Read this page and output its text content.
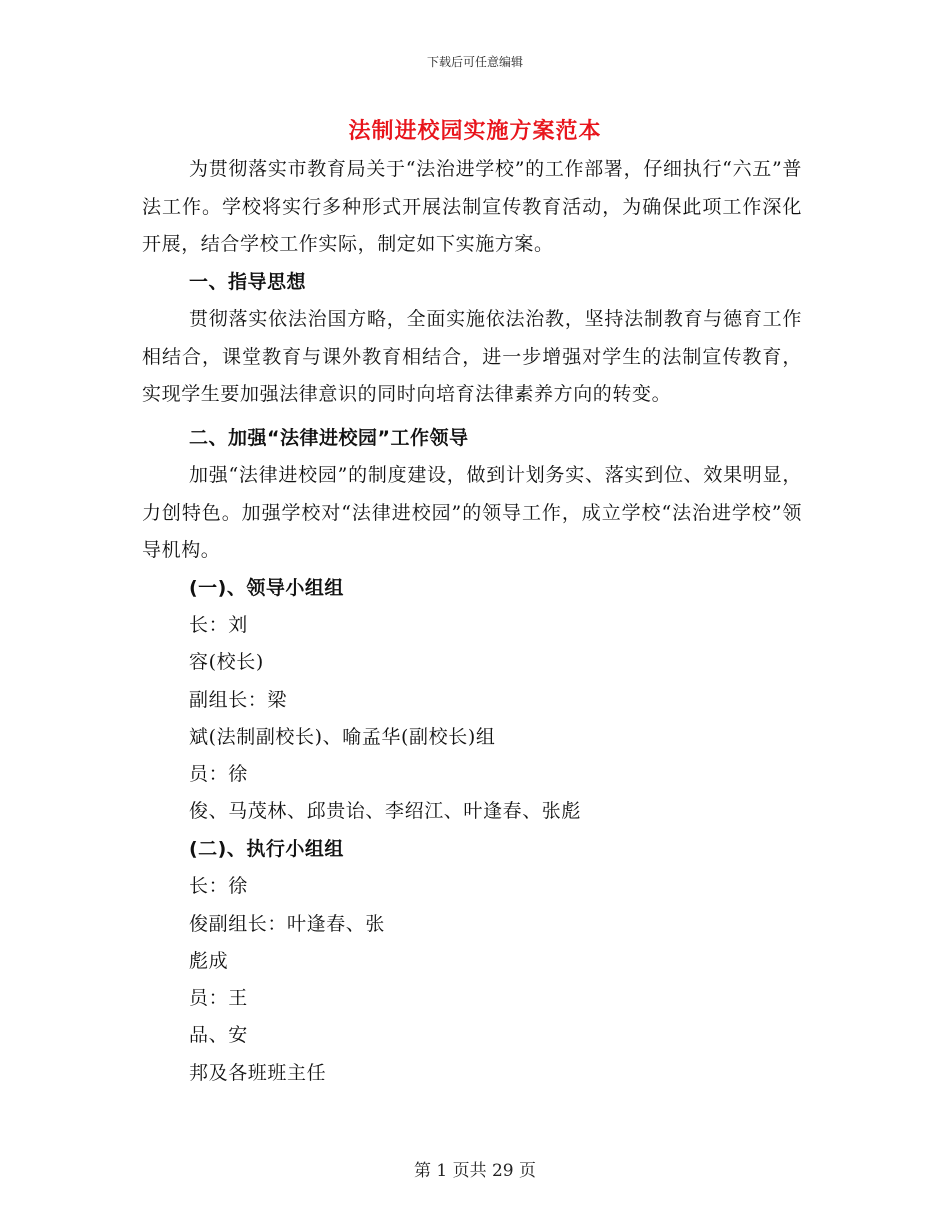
下载后可任意编辑
法制进校园实施方案范本

为贯彻落实市教育局关于“法治进学校”的工作部署，仔细执行“六五”普法工作。学校将实行多种形式开展法制宣传教育活动，为确保此项工作深化开展，结合学校工作实际，制定如下实施方案。

一、指导思想

贯彻落实依法治国方略，全面实施依法治教，坚持法制教育与德育工作相结合，课堂教育与课外教育相结合，进一步增强对学生的法制宣传教育，实现学生要加强法律意识的同时向培育法律素养方向的转变。

二、加强“法律进校园”工作领导

加强“法律进校园”的制度建设，做到计划务实、落实到位、效果明显，力创特色。加强学校对“法律进校园”的领导工作，成立学校“法治进学校”领导机构。

(一)、领导小组组

长：刘

容(校长)

副组长：梁

斌(法制副校长)、喻孟华(副校长)组

员：徐

俊、马茂林、邱贵诒、李绍江、叶逢春、张彪

(二)、执行小组组

长：徐

俊副组长：叶逢春、张

彪成

员：王

品、安

邦及各班班主任

第 1 页共 29 页
